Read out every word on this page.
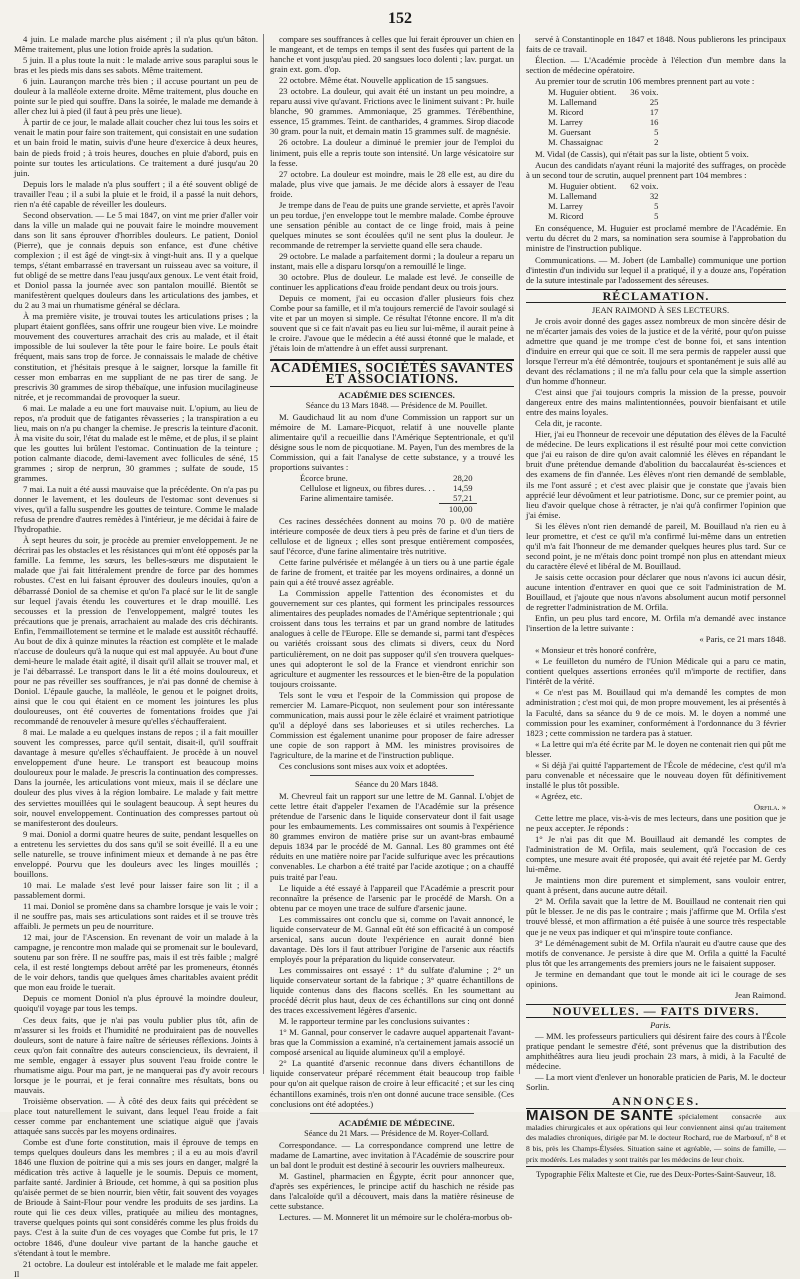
152

4 juin. Le malade marche plus aisément ; il n'a plus qu'un bâton. Même traitement, plus une lotion froide après la sudation.

5 juin. Il a plus toute la nuit : le malade arrive sous paraplui sous le bras et les pieds mis dans ses sabots. Même traitement.

6 juin. Laurançon marche très bien ; il accuse pourtant un peu de douleur à la malléole externe droite. Même traitement, plus douche en pointe sur le pied qui souffre. Dans la soirée, le malade me demande à aller chez lui à pied (il faut à peu près une lieue).

À partir de ce jour, le malade allait coucher chez lui tous les soirs et venait le matin pour faire son traitement, qui consistait en une sudation et un bain froid le matin, suivis d'une heure d'exercice à deux heures, bain de pieds froid ; à trois heures, douches en pluie d'abord, puis en pointe sur toutes les articulations. Ce traitement a duré jusqu'au 20 juin.

Depuis lors le malade n'a plus souffert ; il a été souvent obligé de travailler l'eau ; il a subi la pluie et le froid, il a passé la nuit dehors, rien n'a été capable de réveiller les douleurs.

Second observation. — Le 5 mai 1847, on vint me prier d'aller voir dans la ville un malade qui ne pouvait faire le moindre mouvement dans son lit sans éprouver d'horribles douleurs. Le patient, Doniol (Pierre), que je connais depuis son enfance, est d'une chétive complexion ; il est âgé de vingt-six à vingt-huit ans. Il y a quelque temps, s'étant embarrassé en traversant un ruisseau avec sa voiture, il fut obligé de se mettre dans l'eau jusqu'aux genoux. Le vent était froid, et Doniol passa la journée avec son pantalon mouillé. Bientôt se manifestèrent quelques douleurs dans les articulations des jambes, et du 2 au 3 mai un rhumatisme général se déclara.

À ma première visite, je trouvai toutes les articulations prises ; la plupart étaient gonflées, sans offrir une rougeur bien vive. Le moindre mouvement des couvertures arrachait des cris au malade, et il était impossible de lui soulever la tête pour le faire boire. Le pouls était fréquent, mais sans trop de force. Je connaissais le malade de chétive constitution, et j'hésitais presque à le saigner, lorsque la famille fit cesser mon embarras en me suppliant de ne pas tirer de sang. Je prescrivis 30 grammes de sirop thébaïque, une infusion mucilagineuse nitrée, et je recommandai de provoquer la sueur.

6 mai. Le malade a eu une fort mauvaise nuit. L'opium, au lieu de repos, n'a produit que de fatigantes rêvasseries ; la transpiration a eu lieu, mais on n'a pu changer la chemise. Je prescris la teinture d'aconit. À ma visite du soir, l'état du malade est le même, et de plus, il se plaint que les gouttes lui brûlent l'estomac. Continuation de la teinture ; potion calmante diacode, demi-lavement avec follicules de séné, 15 grammes ; sirop de nerprun, 30 grammes ; sulfate de soude, 15 grammes.

7 mai. La nuit a été aussi mauvaise que la précédente. On n'a pas pu donner le lavement, et les douleurs de l'estomac sont devenues si vives, qu'il a fallu suspendre les gouttes de teinture. Comme le malade refusa de prendre d'autres remèdes à l'intérieur, je me décidai à faire de l'hydropathie.

À sept heures du soir, je procède au premier enveloppement. Je ne décrirai pas les obstacles et les résistances qui m'ont été opposés par la famille. La femme, les sœurs, les belles-sœurs me disputaient le malade que j'ai fait littéralement prendre de force par des hommes robustes. C'est en lui faisant éprouver des douleurs inouïes, qu'on a débarrassé Doniol de sa chemise et qu'on l'a placé sur le lit de sangle sur lequel j'avais étendu les couvertures et le drap mouillé. Les secousses et la pression de l'enveloppement, malgré toutes les précautions que je prenais, arrachaient au malade des cris déchirants. Enfin, l'emmaillotement se termine et le malade est aussitôt réchauffé. Au bout de dix à quinze minutes la réaction est complète et le malade n'accuse de douleurs qu'à la nuque qui est mal appuyée. Au bout d'une demi-heure le malade était agité, il disait qu'il allait se trouver mal, et je l'ai débarrassé. Le transport dans le lit a été moins douloureux, et pour ne pas réveiller ses souffrances, je n'ai pas donné de chemise à Doniol. L'épaule gauche, la malléole, le genou et le poignet droits, ainsi que le cou qui étaient en ce moment les jointures les plus douloureuses, ont été couvertes de fomentations froides que j'ai recommandé de renouveler à mesure qu'elles s'échaufferaient.

8 mai. Le malade a eu quelques instans de repos ; il a fait mouiller souvent les compresses, parce qu'il sentait, disait-il, qu'il souffrait davantage à mesure qu'elles s'échauffaient. Je procède à un nouvel enveloppement d'une heure. Le transport est beaucoup moins douloureux pour le malade. Je prescris la continuation des compresses. Dans la journée, les articulations vont mieux, mais il se déclare une douleur des plus vives à la région lombaire. Le malade y fait mettre des serviettes mouillées qui le soulagent beaucoup. À sept heures du soir, nouvel enveloppement. Continuation des compresses partout où se manifesteront des douleurs.

9 mai. Doniol a dormi quatre heures de suite, pendant lesquelles on a entretenu les serviettes du dos sans qu'il se soit éveillé. Il a eu une selle naturelle, se trouve infiniment mieux et demande à ne pas être enveloppé. Pourvu que les douleurs avec les linges mouillés ; bouillons.

10 mai. Le malade s'est levé pour laisser faire son lit ; il a passablement dormi.

11 mai. Doniol se promène dans sa chambre lorsque je vais le voir ; il ne souffre pas, mais ses articulations sont raides et il se trouve très affaibli. Je permets un peu de nourriture.

12 mai, jour de l'Ascension. En revenant de voir un malade à la campagne, je rencontre mon malade qui se promenait sur le boulevard, soutenu par son frère. Il ne souffre pas, mais il est très faible ; malgré cela, il est resté longtemps debout arrêté par les promeneurs, étonnés de le voir dehors, tandis que quelques âmes charitables avaient prédit que mon eau froide le tuerait.

Depuis ce moment Doniol n'a plus éprouvé la moindre douleur, quoiqu'il voyage par tous les temps.

Ces deux faits, que je n'ai pas voulu publier plus tôt, afin de m'assurer si les froids et l'humidité ne produiraient pas de nouvelles douleurs, sont de nature à faire naître de sérieuses réflexions. Joints à ceux qu'on fait connaître des auteurs consciencieux, ils devraient, il me semble, engager à essayer plus souvent l'eau froide contre le rhumatisme aigu. Pour ma part, je ne manquerai pas d'y avoir recours lorsque je le pourrai, et je ferai connaître mes résultats, bons ou mauvais.

Troisième observation. — À côté des deux faits qui précèdent se place tout naturellement le suivant, dans lequel l'eau froide a fait cesser comme par enchantement une sciatique aiguë que j'avais attaquée sans succès par les moyens ordinaires.

Combe est d'une forte constitution, mais il éprouve de temps en temps quelques douleurs dans les membres ; il a eu au mois d'avril 1846 une fluxion de poitrine qui a mis ses jours en danger, malgré la médication très active à laquelle je le soumis. Depuis ce moment, parfaite santé. Jardinier à Brioude, cet homme, à qui sa position plus qu'aisée permet de se bien nourrir, bien vêtir, fait souvent des voyages de Brioude à Saint-Flour pour vendre les produits de ses jardins. La route qui lie ces deux villes, pratiquée au milieu des montagnes, traverse quelques points qui sont considérés comme les plus froids du pays. C'est à la suite d'un de ces voyages que Combe fut pris, le 17 octobre 1846, d'une douleur vive partant de la hanche gauche et s'étendant à tout le membre.

21 octobre. La douleur est intolérable et le malade me fait appeler. Il

compare ses souffrances à celles que lui ferait éprouver un chien en le mangeant, et de temps en temps il sent des fusées qui partent de la hanche et vont jusqu'au pied. 20 sangsues loco dolenti ; lav. purgat. un grain ext. gom. d'op.

22 octobre. Même état. Nouvelle application de 15 sangsues.

23 octobre. La douleur, qui avait été un instant un peu moindre, a reparu aussi vive qu'avant. Frictions avec le liniment suivant : Pr. huile blanche, 90 grammes. Ammoniaque, 25 grammes. Térébenthine, essence, 15 grammes. Teint. de cantharides, 4 grammes. Sirop diacode 30 gram. pour la nuit, et demain matin 15 grammes sulf. de magnésie.

26 octobre. La douleur a diminué le premier jour de l'emploi du liniment, puis elle a repris toute son intensité. Un large vésicatoire sur la fesse.

27 octobre. La douleur est moindre, mais le 28 elle est, au dire du malade, plus vive que jamais. Je me décide alors à essayer de l'eau froide.

Je trempe dans de l'eau de puits une grande serviette, et après l'avoir un peu tordue, j'en enveloppe tout le membre malade. Combe éprouve une sensation pénible au contact de ce linge froid, mais à peine quelques minutes se sont écoulées qu'il ne sent plus la douleur. Je recommande de retremper la serviette quand elle sera chaude.

29 octobre. Le malade a parfaitement dormi ; la douleur a reparu un instant, mais elle a disparu lorsqu'on a remouillé le linge.

30 octobre. Plus de douleur. Le malade est levé. Je conseille de continuer les applications d'eau froide pendant deux ou trois jours.

Depuis ce moment, j'ai eu occasion d'aller plusieurs fois chez Combe pour sa famille, et il m'a toujours remercié de l'avoir soulagé si vite et par un moyen si simple. Ce résultat l'étonne encore. Il m'a dit souvent que si ce fait n'avait pas eu lieu sur lui-même, il aurait peine à le croire. J'avoue que le médecin a été aussi étonné que le malade, et j'étais loin de m'attendre à un effet aussi surprenant.

ACADÉMIES, SOCIÉTÉS SAVANTES ET ASSOCIATIONS.

ACADÉMIE DES SCIENCES.

Séance du 13 Mars 1848. — Présidence de M. Pouillet.

M. Gaudichaud lit au nom d'une Commission un rapport sur un mémoire de M. Lamare-Picquot, relatif à une nouvelle plante alimentaire qu'il a recueillie dans l'Amérique Septentrionale, et qu'il désigne sous le nom de picquotiane. M. Payen, l'un des membres de la Commission, qui a fait l'analyse de cette substance, y a trouvé les proportions suivantes :

Écorce brune.	28,20
Cellulose et ligneux, ou fibres dures. . .	14,59
Farine alimentaire tamisée.	57,21
	100,00

Ces racines desséchées donnent au moins 70 p. 0/0 de matière intérieure composée de deux tiers à peu près de farine et d'un tiers de cellulose et de ligneux ; elles sont presque entièrement composées, sauf l'écorce, d'une farine alimentaire très nutritive.

Cette farine pulvérisée et mélangée à un tiers ou à une partie égale de farine de froment, et traitée par les moyens ordinaires, a donné un pain qui a été trouvé assez agréable.

La Commission appelle l'attention des économistes et du gouvernement sur ces plantes, qui forment les principales ressources alimentaires des peuplades nomades de l'Amérique septentrionale ; qui croissent dans tous les terrains et par un grand nombre de latitudes analogues à celle de l'Europe. Elle se demande si, parmi tant d'espèces ou variétés croissant sous des climats si divers, ceux du Nord particulièrement, on ne doit pas supposer qu'il s'en trouvera quelques-unes qui adopteront le sol de la France et viendront enrichir son agriculture et augmenter les ressources et le bien-être de la population toujours croissante.

Tels sont le vœu et l'espoir de la Commission qui propose de remercier M. Lamare-Picquot, non seulement pour son intéressante communication, mais aussi pour le zèle éclairé et vraiment patriotique qu'il a déployé dans ses laborieuses et si utiles recherches. La Commission est également unanime pour proposer de faire adresser une copie de son rapport à MM. les ministres provisoires de l'agriculture, de la marine et de l'instruction publique.

Ces conclusions sont mises aux voix et adoptées.

Séance du 20 Mars 1848.

M. Chevreul fait un rapport sur une lettre de M. Gannal. L'objet de cette lettre était d'appeler l'examen de l'Académie sur la présence prétendue de l'arsenic dans le liquide conservateur dont il fait usage pour les embaumements. Les commissaires ont soumis à l'expérience 80 grammes environ de matière prise sur un avant-bras embaumé depuis 1834 par le procédé de M. Gannal. Les 80 grammes ont été réduits en une matière noire par l'acide sulfurique avec les précautions convenables. Le charbon a été traité par l'acide azotique ; on a chauffé puis traité par l'eau.

Le liquide a été essayé à l'appareil que l'Académie a prescrit pour reconnaître la présence de l'arsenic par le procédé de Marsh. On a obtenu par ce moyen une trace de sulfure d'arsenic jaune.

Les commissaires ont conclu que si, comme on l'avait annoncé, le liquide conservateur de M. Gannal eût été son efficacité à un composé arsenical, sans aucun doute l'expérience en aurait donné bien davantage. Dès lors il faut attribuer l'origine de l'arsenic aux réactifs employés pour la préparation du liquide conservateur.

Les commissaires ont essayé : 1° du sulfate d'alumine ; 2° un liquide conservateur sortant de la fabrique ; 3° quatre échantillons de liquide contenus dans des flacons scellés. En les soumettant au procédé décrit plus haut, deux de ces échantillons sur cinq ont donné des traces excessivement légères d'arsenic.

M. le rapporteur termine par les conclusions suivantes :

1° M. Gannal, pour conserver le cadavre auquel appartenait l'avant-bras que la Commission a examiné, n'a certainement jamais associé un composé arsenical au liquide alumineux qu'il a employé.

2° La quantité d'arsenic reconnue dans divers échantillons de liquide conservateur préparé récemment était beaucoup trop faible pour qu'on ait quelque raison de croire à leur efficacité ; et sur les cinq échantillons examinés, trois n'en ont donné aucune trace sensible. (Ces conclusions ont été adoptées.)

ACADÉMIE DE MÉDECINE.

Séance du 21 Mars. — Présidence de M. Royer-Collard.

Correspondance. — La correspondance comprend une lettre de madame de Lamartine, avec invitation à l'Académie de souscrire pour un bal dont le produit est destiné à secourir les ouvriers malheureux.

M. Gastinel, pharmacien en Égypte, écrit pour annoncer que, d'après ses expériences, le principe actif du haschich ne réside pas dans l'alcaloïde qu'il a découvert, mais dans la matière résineuse de cette substance.

Lectures. — M. Monneret lit un mémoire sur le choléra-morbus ob-

servé à Constantinople en 1847 et 1848. Nous publierons les principaux faits de ce travail.

Élection. — L'Académie procède à l'élection d'un membre dans la section de médecine opératoire.

Au premier tour de scrutin 106 membres prennent part au vote :

M. Huguier obtient.	36 voix.
M. Lallemand	25
M. Ricord	17
M. Larrey	16
M. Guersant	5
M. Chassaignac	2

M. Vidal (de Cassis), qui n'était pas sur la liste, obtient 5 voix.

Aucun des candidats n'ayant réuni la majorité des suffrages, on procède à un second tour de scrutin, auquel prennent part 104 membres :

M. Huguier obtient.	62 voix.
M. Lallemand	32
M. Larrey	5
M. Ricord	5

En conséquence, M. Huguier est proclamé membre de l'Académie. En vertu du décret du 2 mars, sa nomination sera soumise à l'approbation du ministre de l'instruction publique.

Communications. — M. Jobert (de Lamballe) communique une portion d'intestin d'un individu sur lequel il a pratiqué, il y a douze ans, l'opération de la suture intestinale par l'adossement des séreuses.

RÉCLAMATION.

JEAN RAIMOND À SES LECTEURS.

Je crois avoir donné des gages assez nombreux de mon sincère désir de ne m'écarter jamais des voies de la justice et de la vérité, pour qu'on puisse admettre que quand je me trompe c'est de bonne foi, et sans intention d'induire en erreur qui que ce soit. Il me sera permis de rappeler aussi que lorsque l'erreur m'a été démontrée, toujours et spontanément je suis allé au devant des réclamations ; il ne m'a fallu pour cela que la simple assertion d'un homme d'honneur.

C'est ainsi que j'ai toujours compris la mission de la presse, pouvoir dangereux entre des mains malintentionnées, pouvoir bienfaisant et utile entre des mains loyales.

Cela dit, je raconte.

Hier, j'ai eu l'honneur de recevoir une députation des élèves de la Faculté de médecine. De leurs explications il est résulté pour moi cette conviction que j'ai eu raison de dire qu'on avait calomnié les élèves en répandant le bruit d'une prétendue demande d'abolition du baccalauréat ès-sciences et des examens de fin d'année. Les élèves n'ont rien demandé de semblable, ils me l'ont assuré ; et c'est avec plaisir que je constate que j'avais bien apprécié leur dévoûment et leur patriotisme. Donc, sur ce premier point, au lieu d'avoir quelque chose à rétracter, je n'ai qu'à confirmer l'opinion que j'ai émise.

Si les élèves n'ont rien demandé de pareil, M. Bouillaud n'a rien eu à leur promettre, et c'est ce qu'il m'a confirmé lui-même dans un entretien qu'il m'a fait l'honneur de me demander quelques heures plus tard. Sur ce second point, je ne m'étais donc point trompé non plus en attendant mieux du caractère élevé et libéral de M. Bouillaud.

Je saisis cette occasion pour déclarer que nous n'avons ici aucun désir, aucune intention d'entraver en quoi que ce soit l'administration de M. Bouillaud, et j'ajoute que nous n'avons absolument aucun motif personnel de regretter l'administration de M. Orfila.

Enfin, un peu plus tard encore, M. Orfila m'a demandé avec instance l'insertion de la lettre suivante :

« Paris, ce 21 mars 1848.

« Monsieur et très honoré confrère,

« Le feuilleton du numéro de l'Union Médicale qui a paru ce matin, contient quelques assertions erronées qu'il m'importe de rectifier, dans l'intérêt de la vérité.

« Ce n'est pas M. Bouillaud qui m'a demandé les comptes de mon administration ; c'est moi qui, de mon propre mouvement, les ai présentés à la Faculté, dans sa séance du 9 de ce mois. M. le doyen a nommé une commission pour les examiner, conformément à l'ordonnance du 3 février 1823 ; cette commission ne tardera pas à statuer.

« La lettre qui m'a été écrite par M. le doyen ne contenait rien qui pût me blesser.

« Si déjà j'ai quitté l'appartement de l'École de médecine, c'est qu'il m'a paru convenable et nécessaire que le nouveau doyen fût définitivement installé le plus tôt possible.

« Agréez, etc.

Orfila. »

Cette lettre me place, vis-à-vis de mes lecteurs, dans une position que je ne peux accepter. Je réponds :

1° Je n'ai pas dit que M. Bouillaud ait demandé les comptes de l'administration de M. Orfila, mais seulement, qu'à l'occasion de ces comptes, une mesure avait été proposée, qui avait été rejetée par M. Gerdy lui-même.

Je maintiens mon dire purement et simplement, sans vouloir entrer, quant à présent, dans aucune autre détail.

2° M. Orfila savait que la lettre de M. Bouillaud ne contenait rien qui pût le blesser. Je ne dis pas le contraire ; mais j'affirme que M. Orfila s'est trouvé blessé, et mon affirmation a été puisée à une source très respectable que je ne veux pas indiquer et qui m'inspire toute confiance.

3° Le déménagement subit de M. Orfila n'aurait eu d'autre cause que des motifs de convenance. Je persiste à dire que M. Orfila a quitté la Faculté plus tôt que les arrangements des premiers jours ne le faisaient supposer.

Je termine en demandant que tout le monde ait ici le courage de ses opinions.

Jean Raimond.

NOUVELLES. — FAITS DIVERS.

Paris.

— MM. les professeurs particuliers qui désirent faire des cours à l'École pratique pendant le semestre d'été, sont prévenus que la distribution des amphithéâtres aura lieu jeudi prochain 23 mars, à midi, à la Faculté de médecine.

— La mort vient d'enlever un honorable praticien de Paris, M. le docteur Sorlin.

ANNONCES.
MAISON DE SANTÉ spécialement consacrée aux maladies chirurgicales et aux opérations qui leur conviennent ainsi qu'au traitement des maladies chroniques, dirigée par M. le docteur Rochard, rue de Marbœuf, nº 8 et 8 bis, près les Champs-Élysées. Situation saine et agréable, — soins de famille, — prix modérés. Les malades y sont traités par les médecins de leur choix.
Typographie Félix Malteste et Cie, rue des Deux-Portes-Saint-Sauveur, 18.
